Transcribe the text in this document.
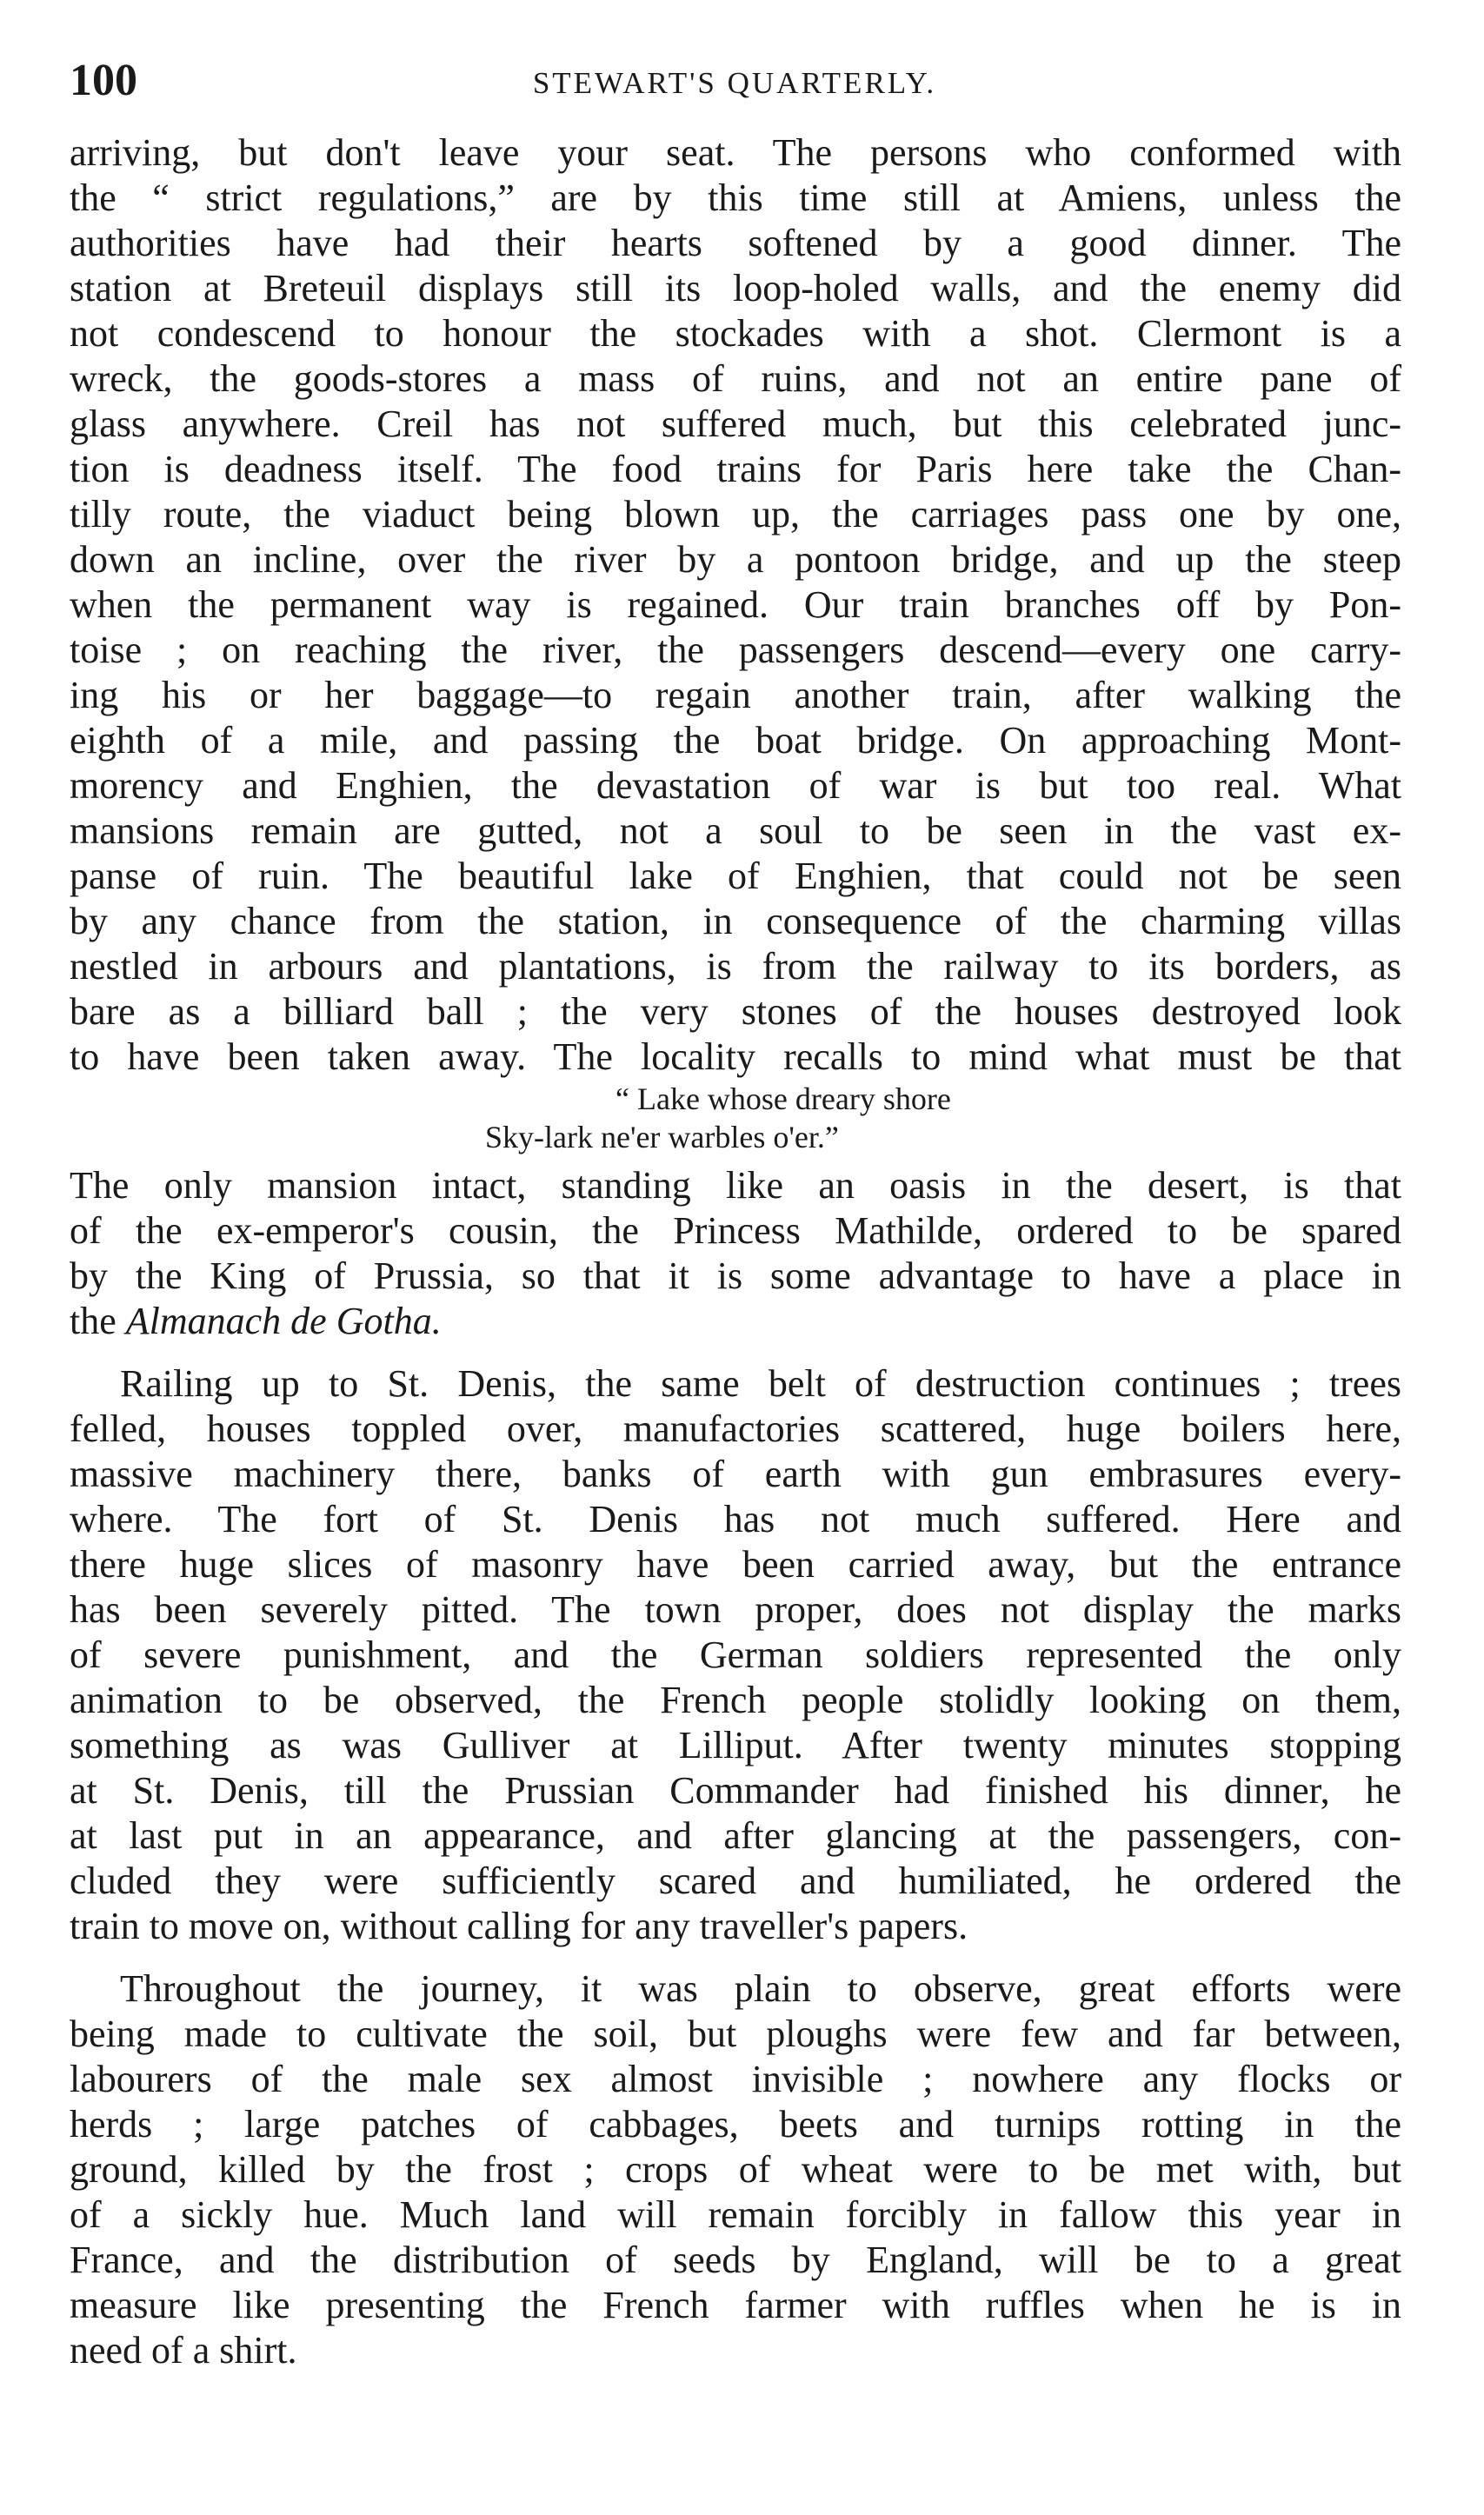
100	STEWART'S QUARTERLY.
arriving, but don't leave your seat. The persons who conformed with
the “ strict regulations,” are by this time still at Amiens, unless the
authorities have had their hearts softened by a good dinner. The
station at Breteuil displays still its loop-holed walls, and the enemy did
not condescend to honour the stockades with a shot. Clermont is a
wreck, the goods-stores a mass of ruins, and not an entire pane of
glass anywhere. Creil has not suffered much, but this celebrated junc-
tion is deadness itself. The food trains for Paris here take the Chan-
tilly route, the viaduct being blown up, the carriages pass one by one,
down an incline, over the river by a pontoon bridge, and up the steep
when the permanent way is regained. Our train branches off by Pon-
toise ; on reaching the river, the passengers descend—every one carry-
ing his or her baggage—to regain another train, after walking the
eighth of a mile, and passing the boat bridge. On approaching Mont-
morency and Enghien, the devastation of war is but too real. What
mansions remain are gutted, not a soul to be seen in the vast ex-
panse of ruin. The beautiful lake of Enghien, that could not be seen
by any chance from the station, in consequence of the charming villas
nestled in arbours and plantations, is from the railway to its borders, as
bare as a billiard ball ; the very stones of the houses destroyed look
to have been taken away. The locality recalls to mind what must be that
“ Lake whose dreary shore
Sky-lark ne'er warbles o'er.”
The only mansion intact, standing like an oasis in the desert, is that
of the ex-emperor's cousin, the Princess Mathilde, ordered to be spared
by the King of Prussia, so that it is some advantage to have a place in
the Almanach de Gotha.
Railing up to St. Denis, the same belt of destruction continues ; trees
felled, houses toppled over, manufactories scattered, huge boilers here,
massive machinery there, banks of earth with gun embrasures every-
where. The fort of St. Denis has not much suffered. Here and
there huge slices of masonry have been carried away, but the entrance
has been severely pitted. The town proper, does not display the marks
of severe punishment, and the German soldiers represented the only
animation to be observed, the French people stolidly looking on them,
something as was Gulliver at Lilliput. After twenty minutes stopping
at St. Denis, till the Prussian Commander had finished his dinner, he
at last put in an appearance, and after glancing at the passengers, con-
cluded they were sufficiently scared and humiliated, he ordered the
train to move on, without calling for any traveller's papers.
Throughout the journey, it was plain to observe, great efforts were
being made to cultivate the soil, but ploughs were few and far between,
labourers of the male sex almost invisible ; nowhere any flocks or
herds ; large patches of cabbages, beets and turnips rotting in the
ground, killed by the frost ; crops of wheat were to be met with, but
of a sickly hue. Much land will remain forcibly in fallow this year in
France, and the distribution of seeds by England, will be to a great
measure like presenting the French farmer with ruffles when he is in
need of a shirt.
